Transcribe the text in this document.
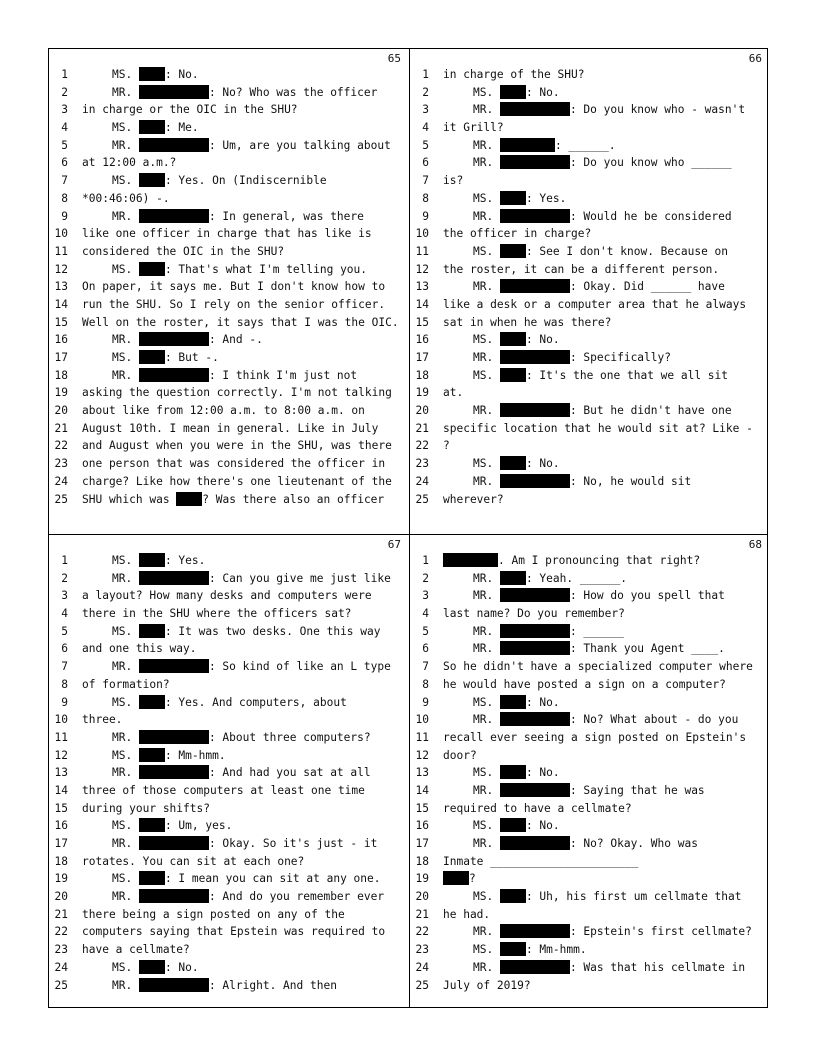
65
1	MS. : No.
2	MR.	: No? Who was the officer
3 in charge or the OIC in the SHU?
4	MS. : Me.
5	MR.	: Um, are you talking about
6 at 12:00 a.m.?
7	MS. : Yes. On (Indiscernible
8 *00:46:06) -.
9	MR.	: In general, was there
10 like one officer in charge that has like is
11 considered the OIC in the SHU?
12	MS. : That's what I'm telling you.
13 On paper, it says me. But I don't know how to
14 run the SHU. So I rely on the senior officer.
15 Well on the roster, it says that I was the OIC.
16	MR.	: And -.
17	MS. : But -.
18	MR.	: I think I'm just not
19 asking the question correctly. I'm not talking
20 about like from 12:00 a.m. to 8:00 a.m. on
21 August 10th. I mean in general. Like in July
22 and August when you were in the SHU, was there
23 one person that was considered the officer in
24 charge? Like how there's one lieutenant of the
25 SHU which was ? Was there also an officer
66
1 in charge of the SHU?
2	MS. : No.
3	MR.	: Do you know who - wasn't
4 it Grill?
5	MR.	: ______.
6	MR.	: Do you know who ______
7 is?
8	MS. : Yes.
9	MR.	: Would he be considered
10 the officer in charge?
11	MS. : See I don't know. Because on
12 the roster, it can be a different person.
13	MR.	: Okay. Did ______ have
14 like a desk or a computer area that he always
15 sat in when he was there?
16	MS. : No.
17	MR.	: Specifically?
18	MS. : It's the one that we all sit
19 at.
20	MR.	: But he didn't have one
21 specific location that he would sit at? Like -
22 ?
23	MS. : No.
24	MR.	: No, he would sit
25 wherever?
67
1	MS. : Yes.
2	MR.	: Can you give me just like
3 a layout? How many desks and computers were
4 there in the SHU where the officers sat?
5	MS. : It was two desks. One this way
6 and one this way.
7	MR.	: So kind of like an L type
8 of formation?
9	MS. : Yes. And computers, about
10 three.
11	MR.	: About three computers?
12	MS. : Mm-hmm.
13	MR.	: And had you sat at all
14 three of those computers at least one time
15 during your shifts?
16	MS. : Um, yes.
17	MR.	: Okay. So it's just - it
18 rotates. You can sit at each one?
19	MS. : I mean you can sit at any one.
20	MR.	: And do you remember ever
21 there being a sign posted on any of the
22 computers saying that Epstein was required to
23 have a cellmate?
24	MS. : No.
25	MR.	: Alright. And then
68
1	. Am I pronouncing that right?
2	MR. : Yeah. ______.
3	MR.	: How do you spell that
4 last name? Do you remember?
5	MR.	: ______
6	MR.	: Thank you Agent ____.
7 So he didn't have a specialized computer where
8 he would have posted a sign on a computer?
9	MS. : No.
10	MR.	: No? What about - do you
11 recall ever seeing a sign posted on Epstein's
12 door?
13	MS. : No.
14	MR.	: Saying that he was
15 required to have a cellmate?
16	MS. : No.
17	MR.	: No? Okay. Who was
18 Inmate ______________________
19	?
20	MS. : Uh, his first um cellmate that
21 he had.
22	MR.	: Epstein's first cellmate?
23	MS. : Mm-hmm.
24	MR.	: Was that his cellmate in
25 July of 2019?
